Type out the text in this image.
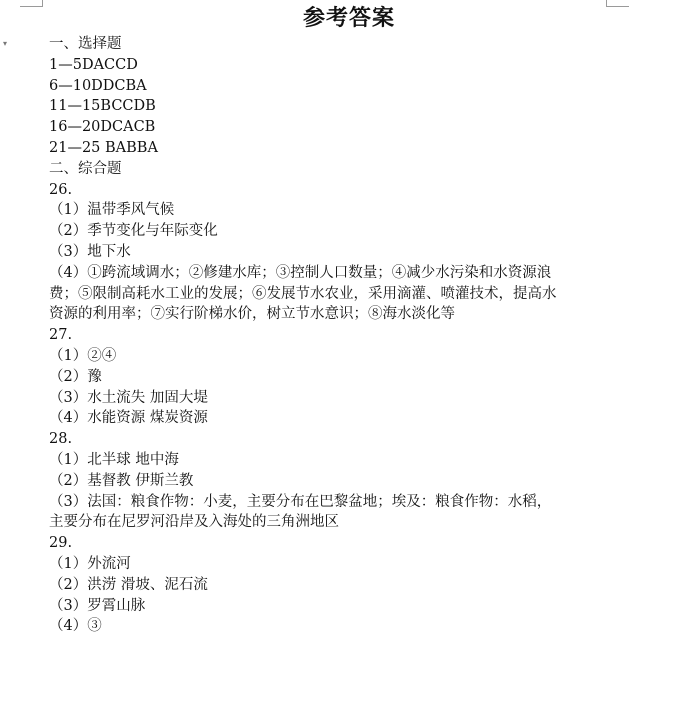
▾
参考答案
一、选择题
1—5DACCD
6—10DDCBA
11—15BCCDB
16—20DCACB
21—25 BABBA
二、综合题
26.
（1）温带季风气候
（2）季节变化与年际变化
（3）地下水
（4）①跨流域调水；②修建水库；③控制人口数量；④减少水污染和水资源浪
费；⑤限制高耗水工业的发展；⑥发展节水农业，采用滴灌、喷灌技术，提高水
资源的利用率；⑦实行阶梯水价，树立节水意识；⑧海水淡化等
27.
（1）②④
（2）豫
（3）水土流失 加固大堤
（4）水能资源 煤炭资源
28.
（1）北半球 地中海
（2）基督教 伊斯兰教
（3）法国：粮食作物：小麦，主要分布在巴黎盆地；埃及：粮食作物：水稻，
主要分布在尼罗河沿岸及入海处的三角洲地区
29.
（1）外流河
（2）洪涝 滑坡、泥石流
（3）罗霄山脉
（4）③
